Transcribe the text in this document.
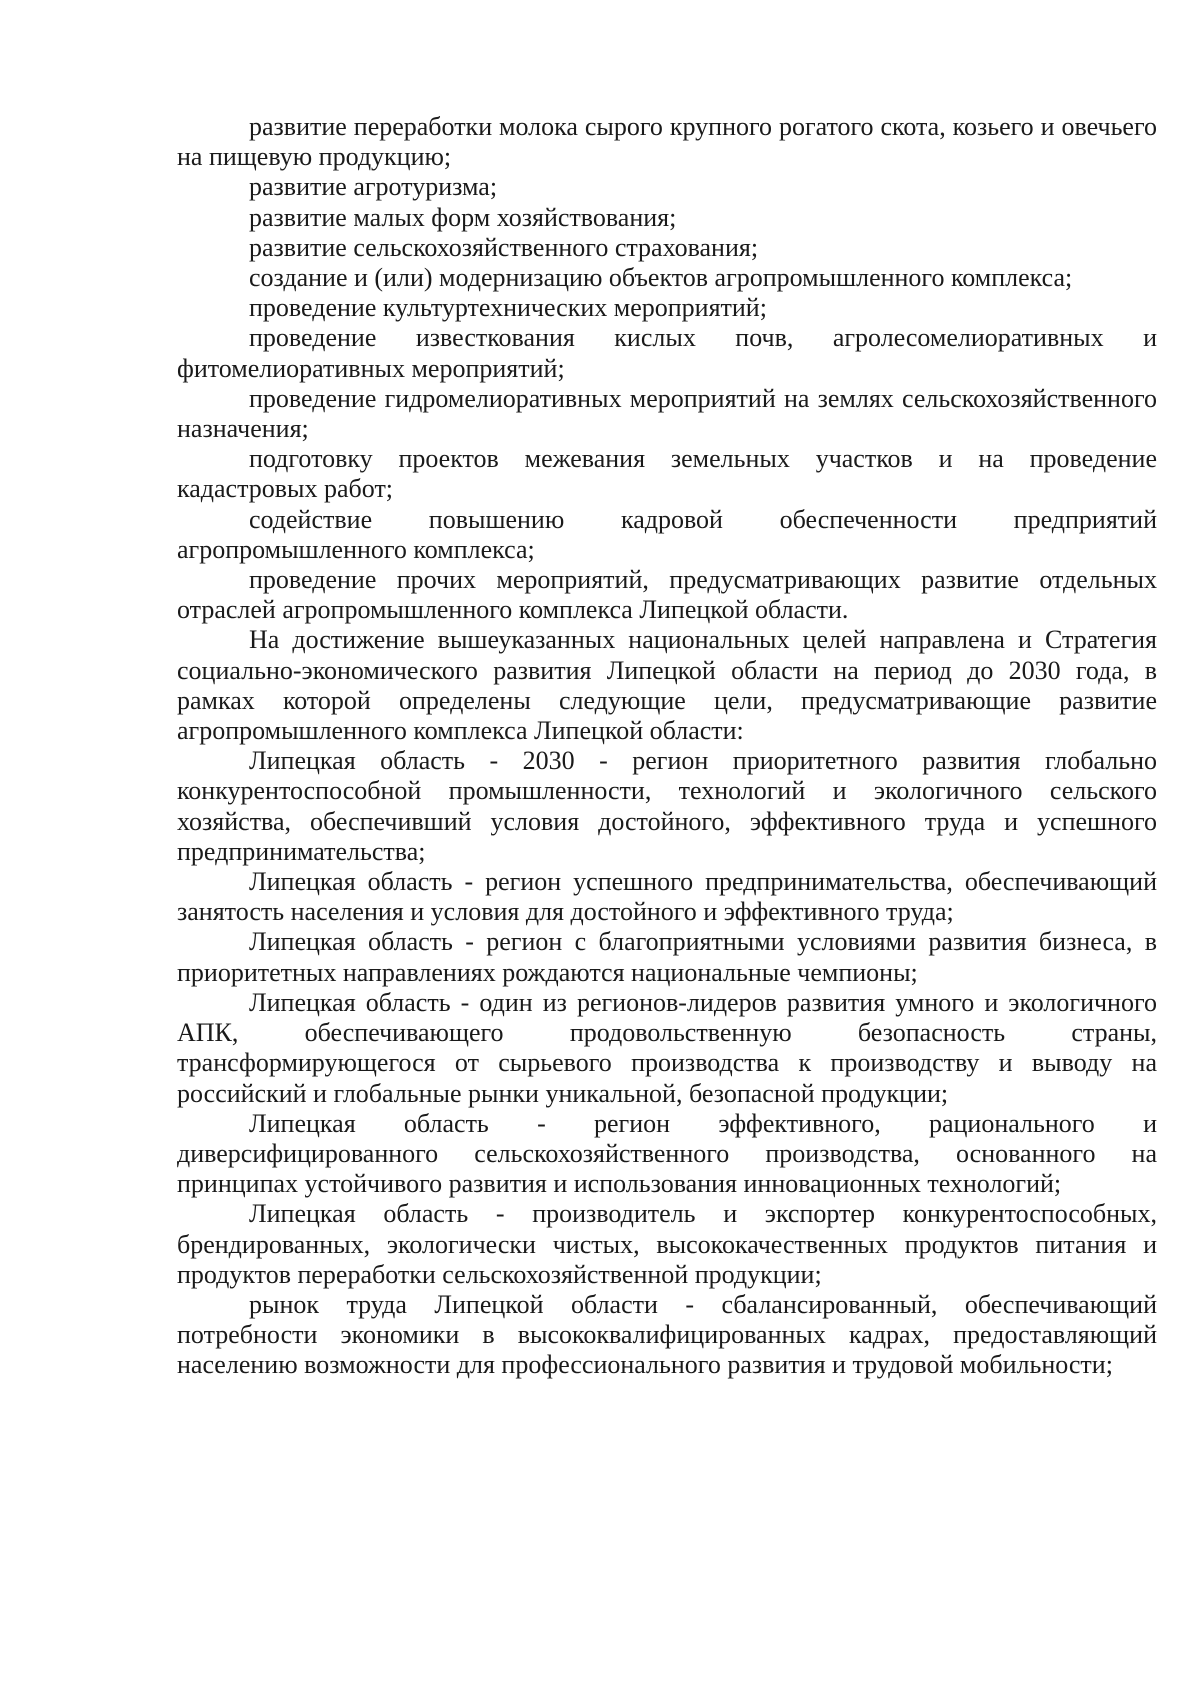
развитие переработки молока сырого крупного рогатого скота, козьего и овечьего на пищевую продукцию;

развитие агротуризма;

развитие малых форм хозяйствования;

развитие сельскохозяйственного страхования;

создание и (или) модернизацию объектов агропромышленного комплекса;

проведение культуртехнических мероприятий;

проведение известкования кислых почв, агролесомелиоративных и фитомелиоративных мероприятий;

проведение гидромелиоративных мероприятий на землях сельскохозяйственного назначения;

подготовку проектов межевания земельных участков и на проведение кадастровых работ;

содействие повышению кадровой обеспеченности предприятий агропромышленного комплекса;

проведение прочих мероприятий, предусматривающих развитие отдельных отраслей агропромышленного комплекса Липецкой области.

На достижение вышеуказанных национальных целей направлена и Стратегия социально-экономического развития Липецкой области на период до 2030 года, в рамках которой определены следующие цели, предусматривающие развитие агропромышленного комплекса Липецкой области:

Липецкая область - 2030 - регион приоритетного развития глобально конкурентоспособной промышленности, технологий и экологичного сельского хозяйства, обеспечивший условия достойного, эффективного труда и успешного предпринимательства;

Липецкая область - регион успешного предпринимательства, обеспечивающий занятость населения и условия для достойного и эффективного труда;

Липецкая область - регион с благоприятными условиями развития бизнеса, в приоритетных направлениях рождаются национальные чемпионы;

Липецкая область - один из регионов-лидеров развития умного и экологичного АПК, обеспечивающего продовольственную безопасность страны, трансформирующегося от сырьевого производства к производству и выводу на российский и глобальные рынки уникальной, безопасной продукции;

Липецкая область - регион эффективного, рационального и диверсифицированного сельскохозяйственного производства, основанного на принципах устойчивого развития и использования инновационных технологий;

Липецкая область - производитель и экспортер конкурентоспособных, брендированных, экологически чистых, высококачественных продуктов питания и продуктов переработки сельскохозяйственной продукции;

рынок труда Липецкой области - сбалансированный, обеспечивающий потребности экономики в высококвалифицированных кадрах, предоставляющий населению возможности для профессионального развития и трудовой мобильности;
